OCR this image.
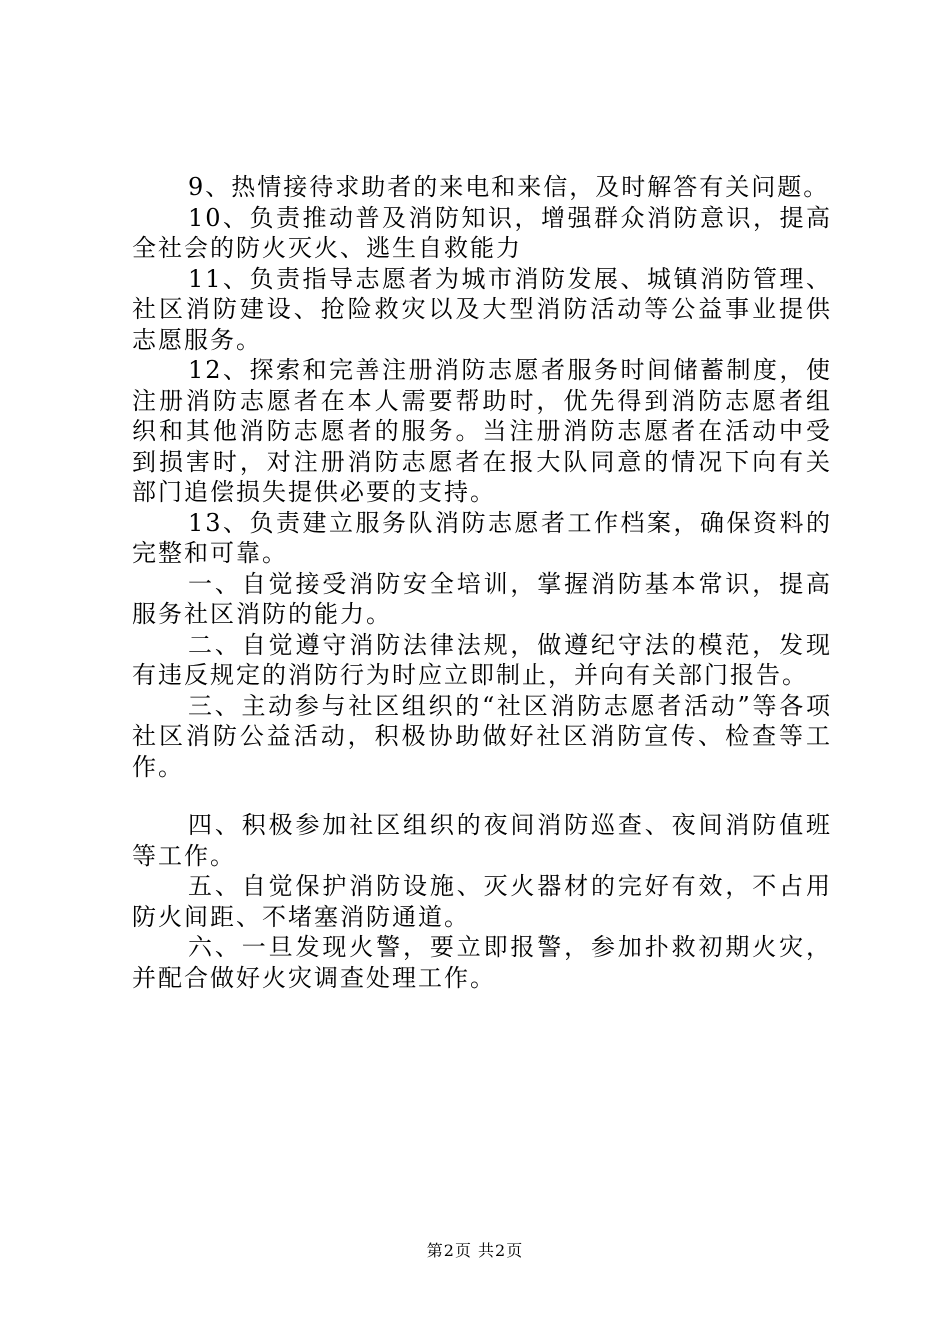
9、热情接待求助者的来电和来信，及时解答有关问题。

10、负责推动普及消防知识，增强群众消防意识，提高全社会的防火灭火、逃生自救能力

11、负责指导志愿者为城市消防发展、城镇消防管理、社区消防建设、抢险救灾以及大型消防活动等公益事业提供志愿服务。

12、探索和完善注册消防志愿者服务时间储蓄制度，使注册消防志愿者在本人需要帮助时，优先得到消防志愿者组织和其他消防志愿者的服务。当注册消防志愿者在活动中受到损害时，对注册消防志愿者在报大队同意的情况下向有关部门追偿损失提供必要的支持。

13、负责建立服务队消防志愿者工作档案，确保资料的完整和可靠。

一、自觉接受消防安全培训，掌握消防基本常识，提高服务社区消防的能力。

二、自觉遵守消防法律法规，做遵纪守法的模范，发现有违反规定的消防行为时应立即制止，并向有关部门报告。

三、主动参与社区组织的“社区消防志愿者活动”等各项社区消防公益活动，积极协助做好社区消防宣传、检查等工作。

四、积极参加社区组织的夜间消防巡查、夜间消防值班等工作。

五、自觉保护消防设施、灭火器材的完好有效，不占用防火间距、不堵塞消防通道。

六、一旦发现火警，要立即报警，参加扑救初期火灾，并配合做好火灾调查处理工作。

第2页 共2页
